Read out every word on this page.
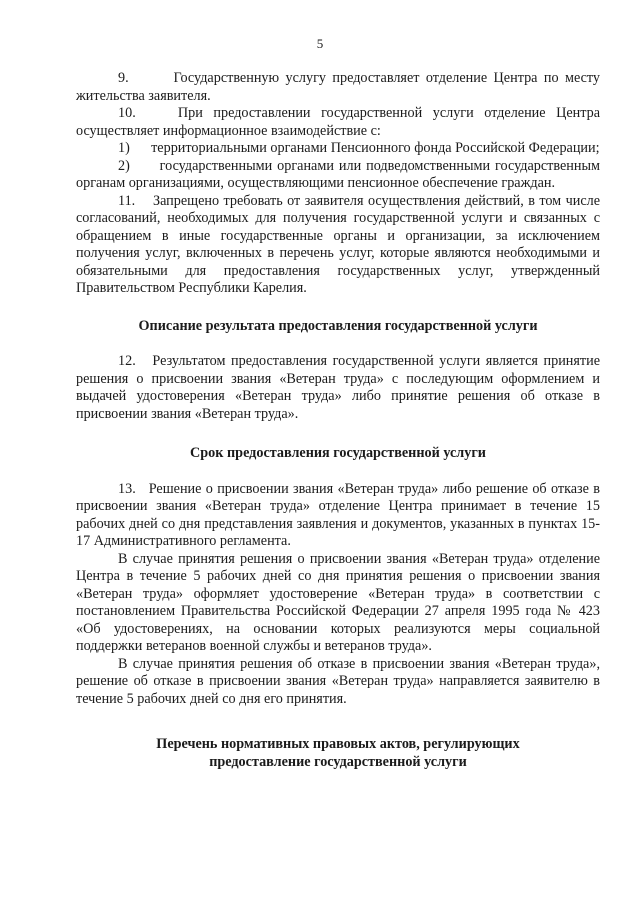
5

9.       Государственную услугу предоставляет отделение Центра по месту жительства заявителя.

10.    При предоставлении государственной услуги отделение Центра осуществляет информационное взаимодействие с:

1)      территориальными органами Пенсионного фонда Российской Федерации;

2)      государственными органами или подведомственными государственным органам организациями, осуществляющими пенсионное обеспечение граждан.

11.    Запрещено требовать от заявителя осуществления действий, в том числе согласований, необходимых для получения государственной услуги и связанных с обращением в иные государственные органы и организации, за исключением получения услуг, включенных в перечень услуг, которые являются необходимыми и обязательными для предоставления государственных услуг, утвержденный Правительством Республики Карелия.

Описание результата предоставления государственной услуги

12.   Результатом предоставления государственной услуги является принятие решения о присвоении звания «Ветеран труда» с последующим оформлением и выдачей удостоверения «Ветеран труда» либо принятие решения об отказе в присвоении звания «Ветеран труда».

Срок предоставления государственной услуги

13.   Решение о присвоении звания «Ветеран труда» либо решение об отказе в присвоении звания «Ветеран труда» отделение Центра принимает в течение 15 рабочих дней со дня представления заявления и документов, указанных в пунктах 15-17 Административного регламента.

В случае принятия решения о присвоении звания «Ветеран труда» отделение Центра в течение 5 рабочих дней со дня принятия решения о присвоении звания «Ветеран труда» оформляет удостоверение «Ветеран труда» в соответствии с постановлением Правительства Российской Федерации 27 апреля 1995 года № 423 «Об удостоверениях, на основании которых реализуются меры социальной поддержки ветеранов военной службы и ветеранов труда».

В случае принятия решения об отказе в присвоении звания «Ветеран труда», решение об отказе в присвоении звания «Ветеран труда» направляется заявителю в течение 5 рабочих дней со дня его принятия.

Перечень нормативных правовых актов, регулирующих

предоставление государственной услуги
